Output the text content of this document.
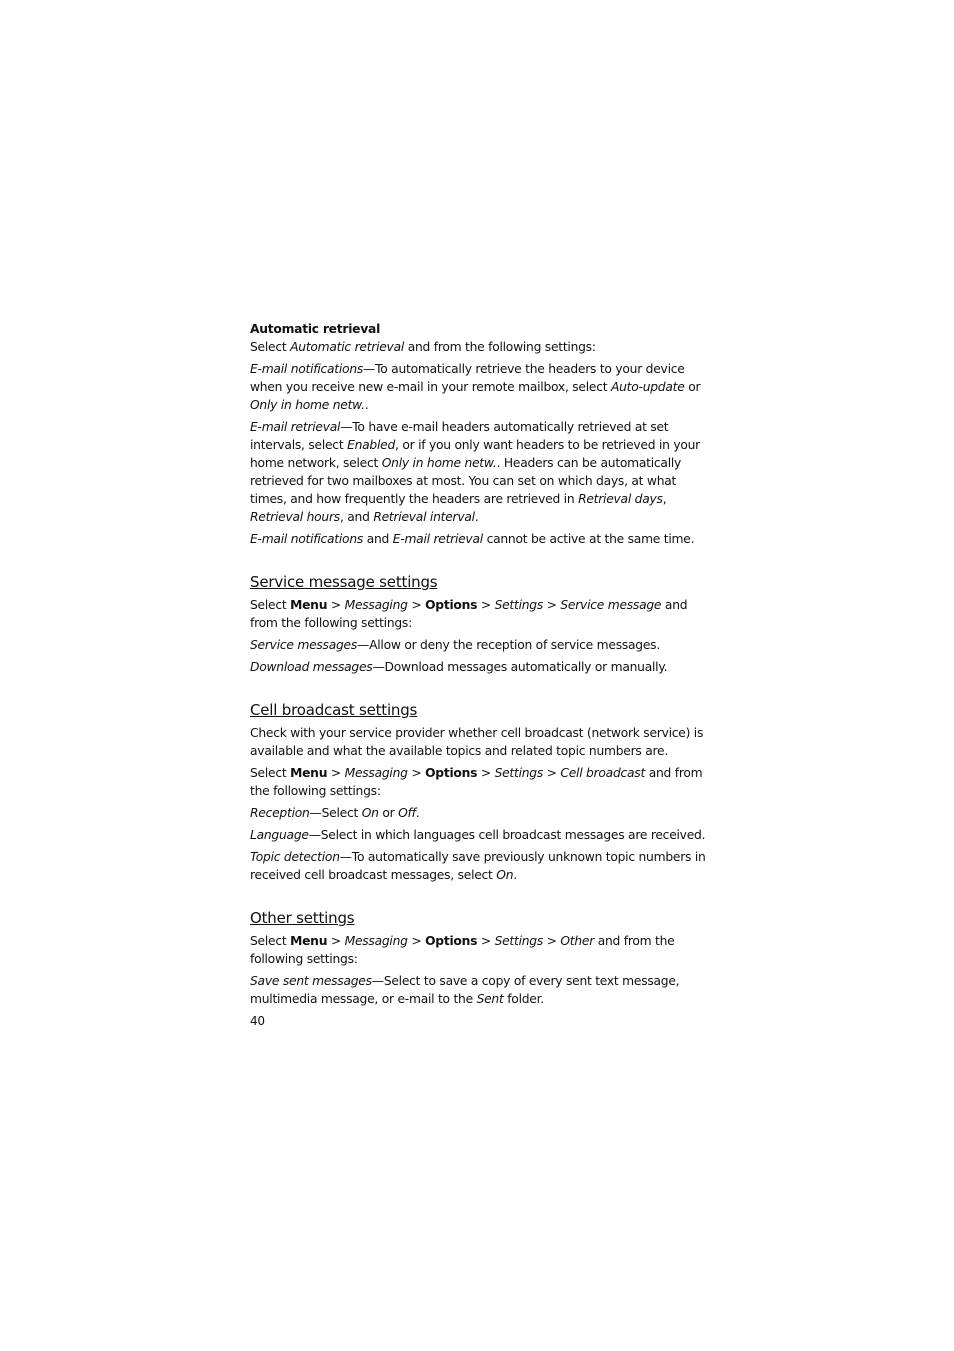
Automatic retrieval

Select Automatic retrieval and from the following settings:

E-mail notifications—To automatically retrieve the headers to your device when you receive new e-mail in your remote mailbox, select Auto-update or Only in home netw..

E-mail retrieval—To have e-mail headers automatically retrieved at set intervals, select Enabled, or if you only want headers to be retrieved in your home network, select Only in home netw.. Headers can be automatically retrieved for two mailboxes at most. You can set on which days, at what times, and how frequently the headers are retrieved in Retrieval days, Retrieval hours, and Retrieval interval.

E-mail notifications and E-mail retrieval cannot be active at the same time.

Service message settings

Select Menu > Messaging > Options > Settings > Service message and from the following settings:

Service messages—Allow or deny the reception of service messages.

Download messages—Download messages automatically or manually.

Cell broadcast settings

Check with your service provider whether cell broadcast (network service) is available and what the available topics and related topic numbers are.

Select Menu > Messaging > Options > Settings > Cell broadcast and from the following settings:

Reception—Select On or Off.

Language—Select in which languages cell broadcast messages are received.

Topic detection—To automatically save previously unknown topic numbers in received cell broadcast messages, select On.

Other settings

Select Menu > Messaging > Options > Settings > Other and from the following settings:

Save sent messages—Select to save a copy of every sent text message, multimedia message, or e-mail to the Sent folder.

40
